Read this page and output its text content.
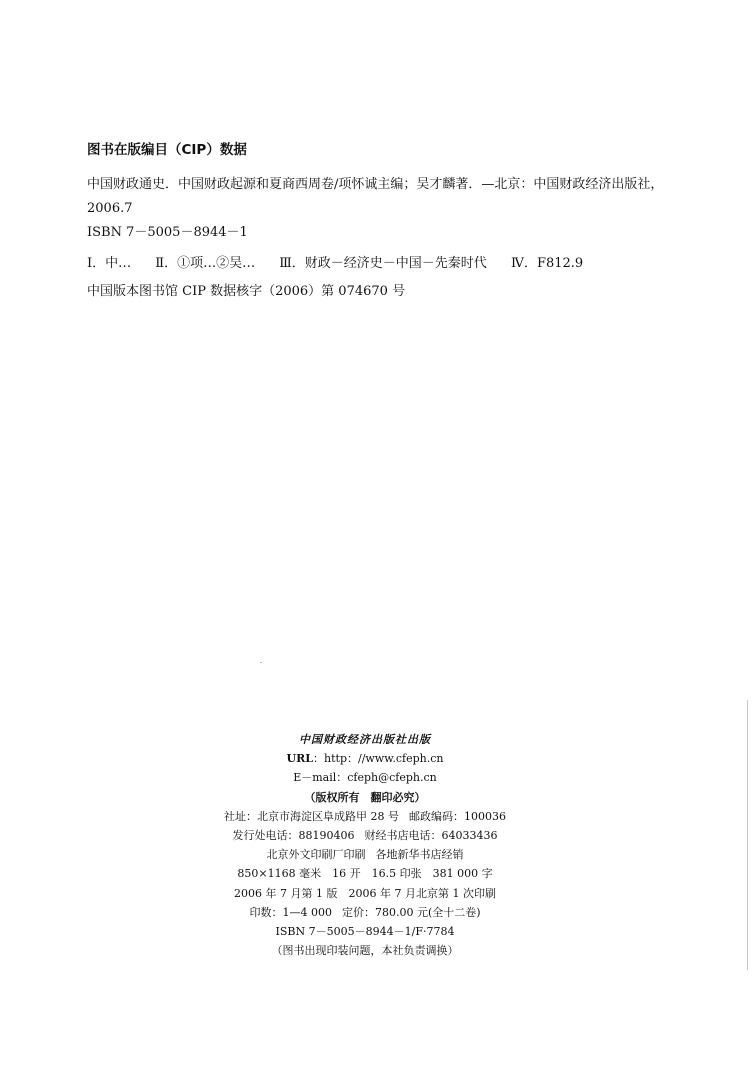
图书在版编目（CIP）数据

中国财政通史．中国财政起源和夏商西周卷/项怀诚主编；吴才麟著．—北京：中国财政经济出版社，2006.7

ISBN 7－5005－8944－1

Ⅰ．中… Ⅱ．①项…②吴… Ⅲ．财政－经济史－中国－先秦时代 Ⅳ．F812.9

中国版本图书馆 CIP 数据核字（2006）第 074670 号

中国财政经济出版社出版

URL：http：//www.cfeph.cn

E－mail：cfeph@cfeph.cn

（版权所有　翻印必究）

社址：北京市海淀区阜成路甲 28 号 邮政编码：100036

发行处电话：88190406 财经书店电话：64033436

北京外文印刷厂印刷 各地新华书店经销

850×1168 毫米　16 开　16.5 印张　381 000 字

2006 年 7 月第 1 版　2006 年 7 月北京第 1 次印刷

印数：1—4 000 定价：780.00 元(全十二卷)

ISBN 7－5005－8944－1/F·7784

（图书出现印装问题，本社负责调换）
